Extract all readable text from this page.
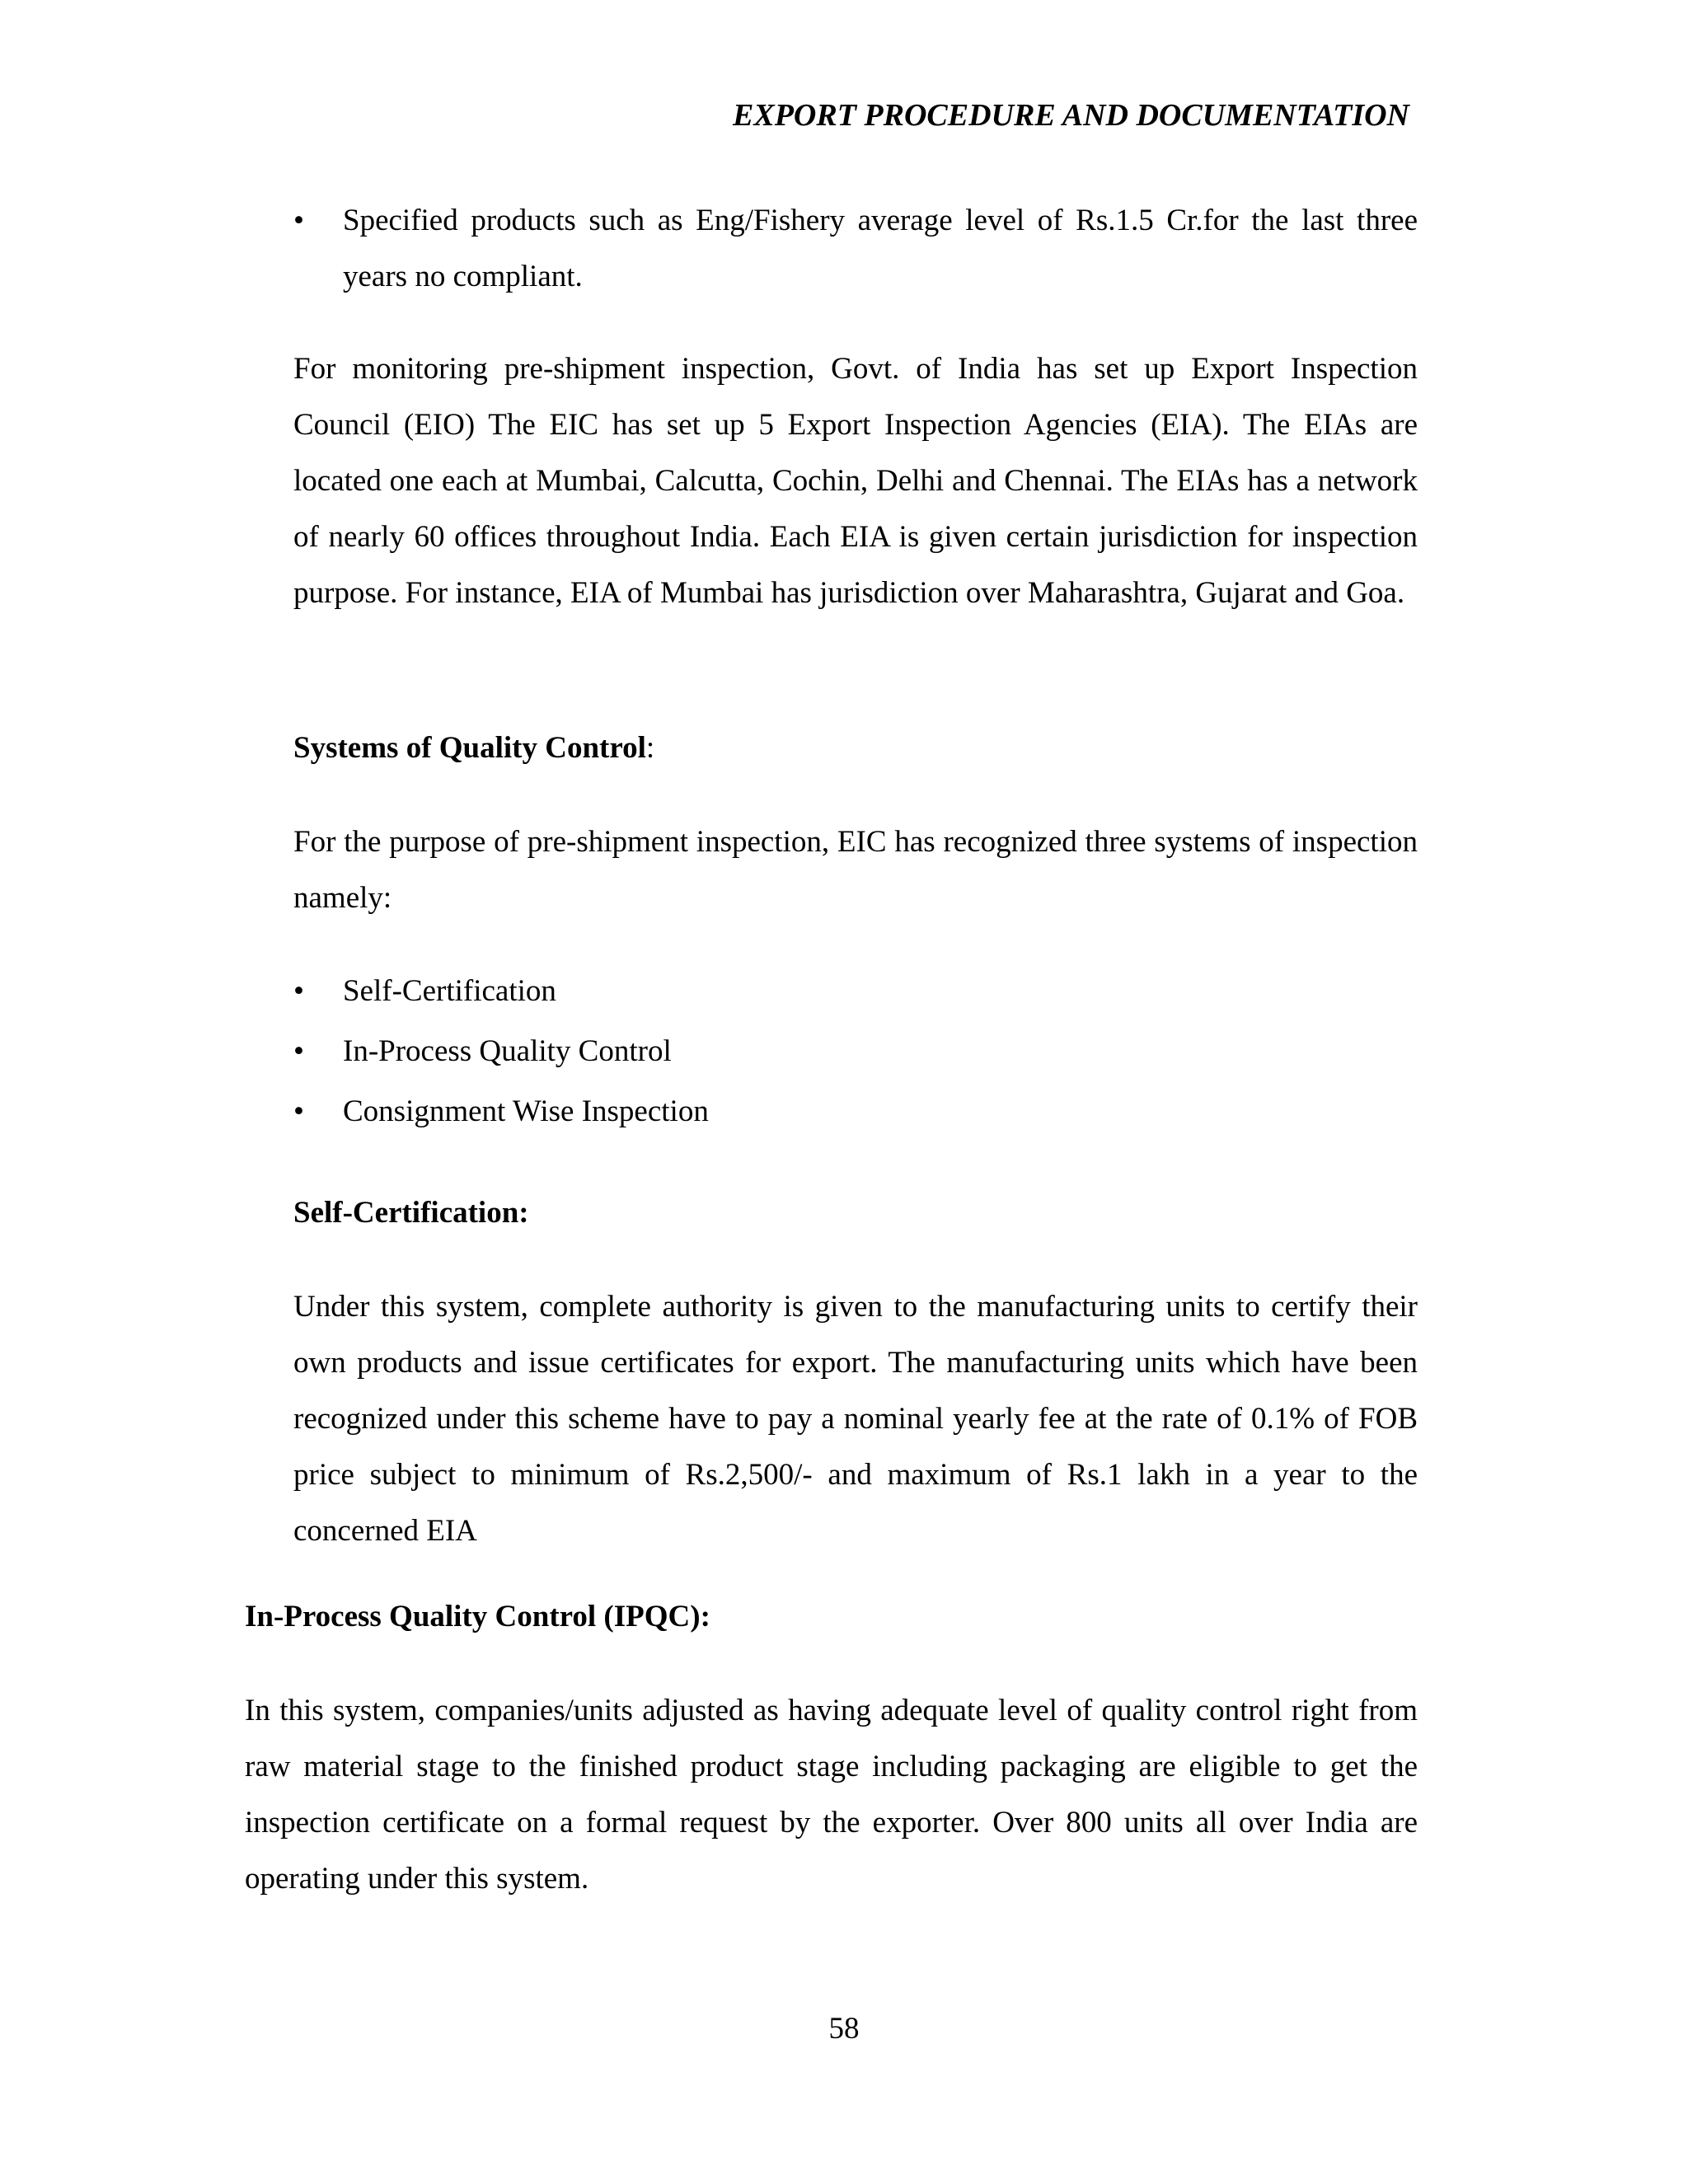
EXPORT PROCEDURE AND DOCUMENTATION

•	Specified products such as Eng/Fishery average level of Rs.1.5 Cr.for the last three years no compliant.

For monitoring pre-shipment inspection, Govt. of India has set up Export Inspection Council (EIO) The EIC has set up 5 Export Inspection Agencies (EIA). The EIAs are located one each at Mumbai, Calcutta, Cochin, Delhi and Chennai. The EIAs has a network of nearly 60 offices throughout India. Each EIA is given certain jurisdiction for inspection purpose. For instance, EIA of Mumbai has jurisdiction over Maharashtra, Gujarat and Goa.

Systems of Quality Control:

For the purpose of pre-shipment inspection, EIC has recognized three systems of inspection namely:

•	Self-Certification
•	In-Process Quality Control
•	Consignment Wise Inspection

Self-Certification:

Under this system, complete authority is given to the manufacturing units to certify their own products and issue certificates for export. The manufacturing units which have been recognized under this scheme have to pay a nominal yearly fee at the rate of 0.1% of FOB price subject to minimum of Rs.2,500/- and maximum of Rs.1 lakh in a year to the concerned EIA

In-Process Quality Control (IPQC):

In this system, companies/units adjusted as having adequate level of quality control right from raw material stage to the finished product stage including packaging are eligible to get the inspection certificate on a formal request by the exporter. Over 800 units all over India are operating under this system.

58
